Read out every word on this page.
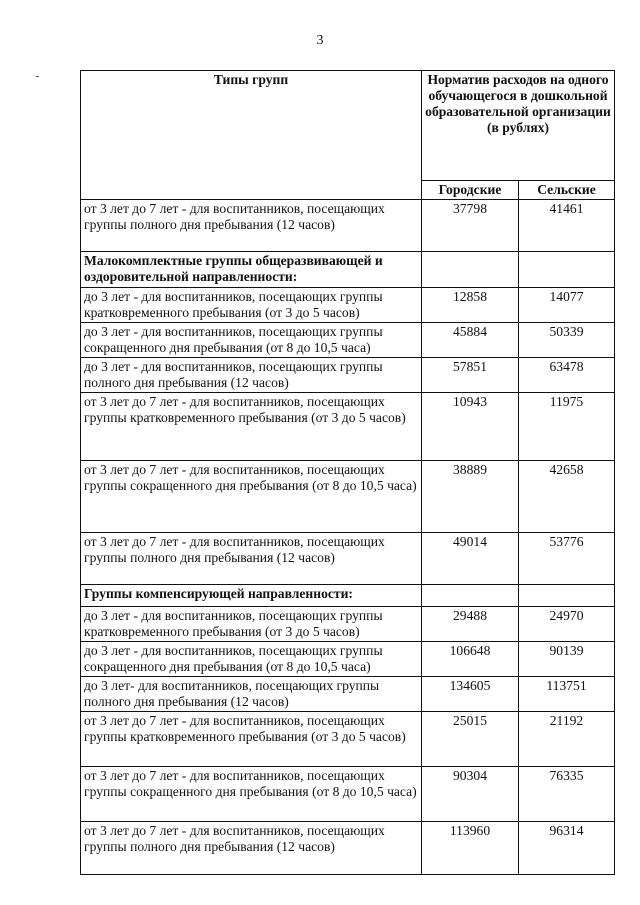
3
Типы групп	Норматив расходов на одного обучающегося в дошкольной образовательной организации (в рублях)	
	Городские	Сельские
от 3 лет до 7 лет - для воспитанников, посещающих группы полного дня пребывания (12 часов)	37798	41461
Малокомплектные группы общеразвивающей и оздоровительной направленности:		
до 3 лет - для воспитанников, посещающих группы кратковременного пребывания (от 3 до 5 часов)	12858	14077
до 3 лет - для воспитанников, посещающих группы сокращенного дня пребывания (от 8 до 10,5 часа)	45884	50339
до 3 лет - для воспитанников, посещающих группы полного дня пребывания (12 часов)	57851	63478
от 3 лет до 7 лет - для воспитанников, посещающих группы кратковременного пребывания (от 3 до 5 часов)	10943	11975
от 3 лет до 7 лет - для воспитанников, посещающих группы сокращенного дня пребывания (от 8 до 10,5 часа)	38889	42658
от 3 лет до 7 лет - для воспитанников, посещающих группы полного дня пребывания (12 часов)	49014	53776
Группы компенсирующей направленности:		
до 3 лет - для воспитанников, посещающих группы кратковременного пребывания (от 3 до 5 часов)	29488	24970
до 3 лет - для воспитанников, посещающих группы сокращенного дня пребывания (от 8 до 10,5 часа)	106648	90139
до 3 лет- для воспитанников, посещающих группы полного дня пребывания (12 часов)	134605	113751
от 3 лет до 7 лет - для воспитанников, посещающих группы кратковременного пребывания (от 3 до 5 часов)	25015	21192
от 3 лет до 7 лет - для воспитанников, посещающих группы сокращенного дня пребывания (от 8 до 10,5 часа)	90304	76335
от 3 лет до 7 лет - для воспитанников, посещающих группы полного дня пребывания (12 часов)	113960	96314
